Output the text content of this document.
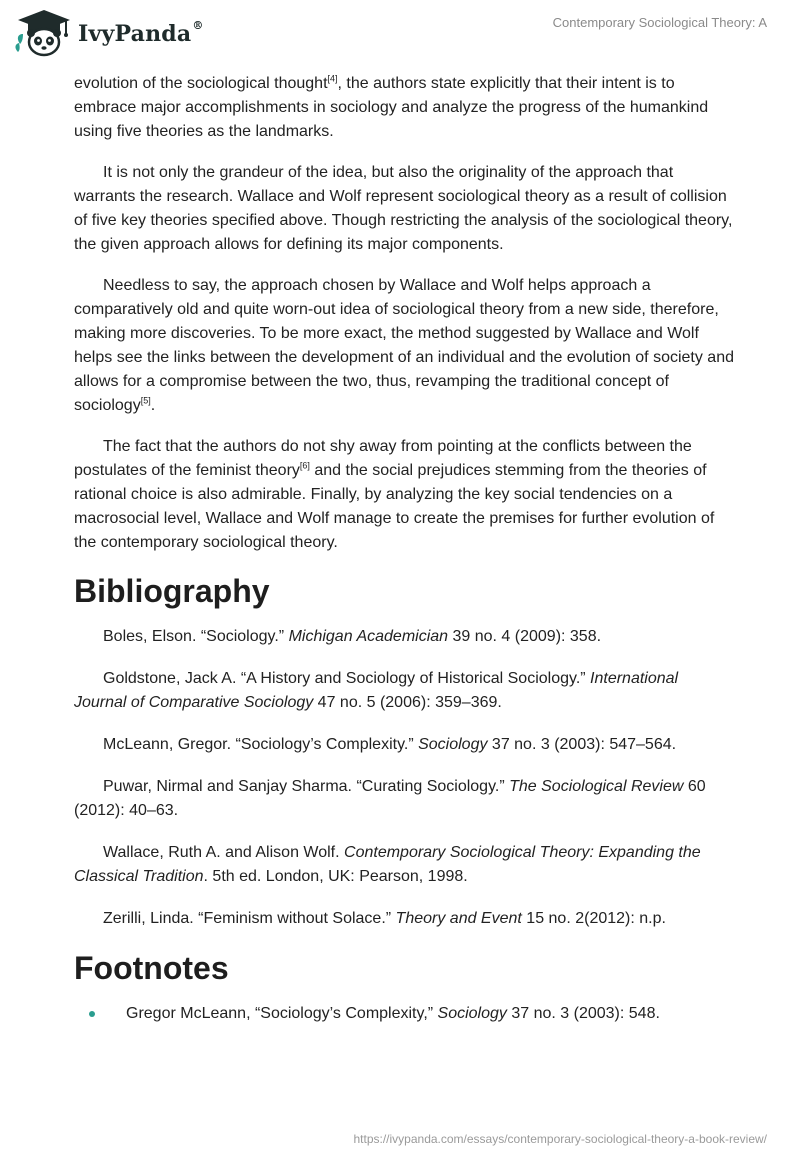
IvyPanda®	Contemporary Sociological Theory: A

evolution of the sociological thought[4], the authors state explicitly that their intent is to embrace major accomplishments in sociology and analyze the progress of the humankind using five theories as the landmarks.

It is not only the grandeur of the idea, but also the originality of the approach that warrants the research. Wallace and Wolf represent sociological theory as a result of collision of five key theories specified above. Though restricting the analysis of the sociological theory, the given approach allows for defining its major components.

Needless to say, the approach chosen by Wallace and Wolf helps approach a comparatively old and quite worn-out idea of sociological theory from a new side, therefore, making more discoveries. To be more exact, the method suggested by Wallace and Wolf helps see the links between the development of an individual and the evolution of society and allows for a compromise between the two, thus, revamping the traditional concept of sociology[5].

The fact that the authors do not shy away from pointing at the conflicts between the postulates of the feminist theory[6] and the social prejudices stemming from the theories of rational choice is also admirable. Finally, by analyzing the key social tendencies on a macrosocial level, Wallace and Wolf manage to create the premises for further evolution of the contemporary sociological theory.

Bibliography

Boles, Elson. “Sociology.” Michigan Academician 39 no. 4 (2009): 358.

Goldstone, Jack A. “A History and Sociology of Historical Sociology.” International Journal of Comparative Sociology 47 no. 5 (2006): 359–369.

McLeann, Gregor. “Sociology’s Complexity.” Sociology 37 no. 3 (2003): 547–564.

Puwar, Nirmal and Sanjay Sharma. “Curating Sociology.” The Sociological Review 60 (2012): 40–63.

Wallace, Ruth A. and Alison Wolf. Contemporary Sociological Theory: Expanding the Classical Tradition. 5th ed. London, UK: Pearson, 1998.

Zerilli, Linda. “Feminism without Solace.” Theory and Event 15 no. 2(2012): n.p.

Footnotes
Gregor McLeann, “Sociology’s Complexity,” Sociology 37 no. 3 (2003): 548.
https://ivypanda.com/essays/contemporary-sociological-theory-a-book-review/
